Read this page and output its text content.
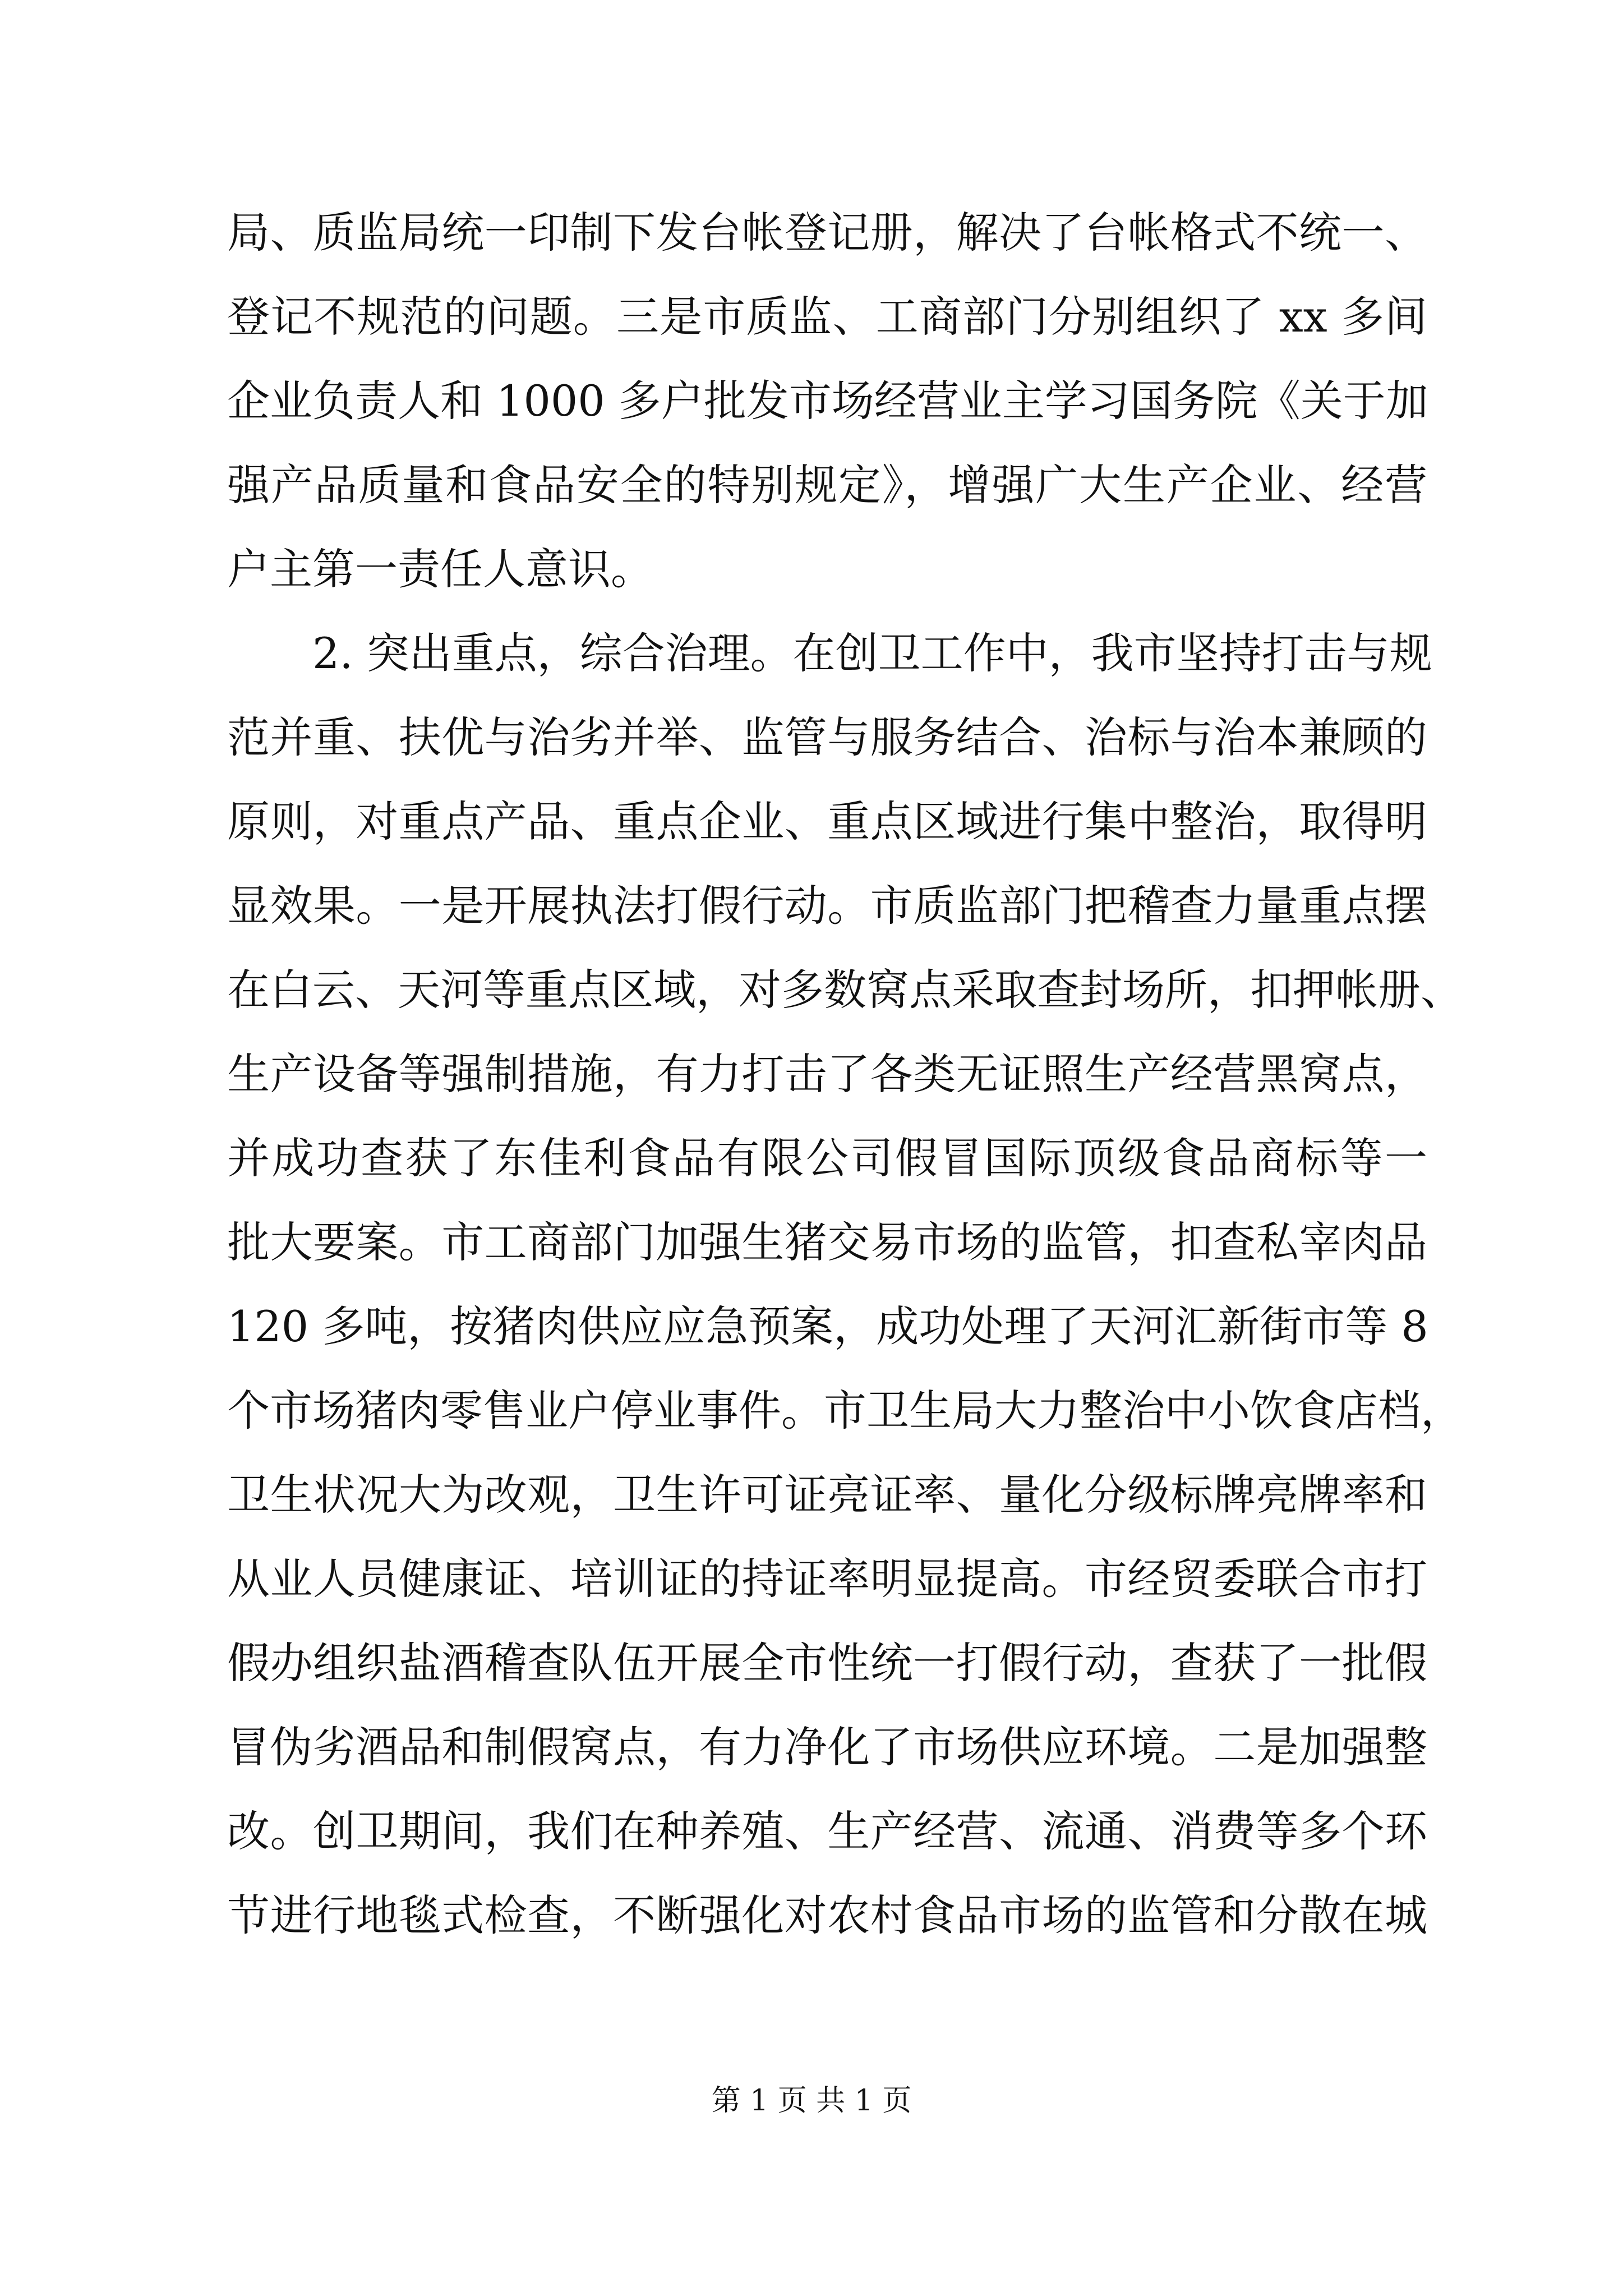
局、质监局统一印制下发台帐登记册，解决了台帐格式不统一、
登记不规范的问题。三是市质监、工商部门分别组织了 xx 多间
企业负责人和 1000 多户批发市场经营业主学习国务院《关于加
强产品质量和食品安全的特别规定》，增强广大生产企业、经营
户主第一责任人意识。
2. 突出重点，综合治理。在创卫工作中，我市坚持打击与规
范并重、扶优与治劣并举、监管与服务结合、治标与治本兼顾的
原则，对重点产品、重点企业、重点区域进行集中整治，取得明
显效果。一是开展执法打假行动。市质监部门把稽查力量重点摆
在白云、天河等重点区域，对多数窝点采取查封场所，扣押帐册、
生产设备等强制措施，有力打击了各类无证照生产经营黑窝点，
并成功查获了东佳利食品有限公司假冒国际顶级食品商标等一
批大要案。市工商部门加强生猪交易市场的监管，扣查私宰肉品
120 多吨，按猪肉供应应急预案，成功处理了天河汇新街市等 8
个市场猪肉零售业户停业事件。市卫生局大力整治中小饮食店档，
卫生状况大为改观，卫生许可证亮证率、量化分级标牌亮牌率和
从业人员健康证、培训证的持证率明显提高。市经贸委联合市打
假办组织盐酒稽查队伍开展全市性统一打假行动，查获了一批假
冒伪劣酒品和制假窝点，有力净化了市场供应环境。二是加强整
改。创卫期间，我们在种养殖、生产经营、流通、消费等多个环
节进行地毯式检查，不断强化对农村食品市场的监管和分散在城
第 1 页 共 1 页
